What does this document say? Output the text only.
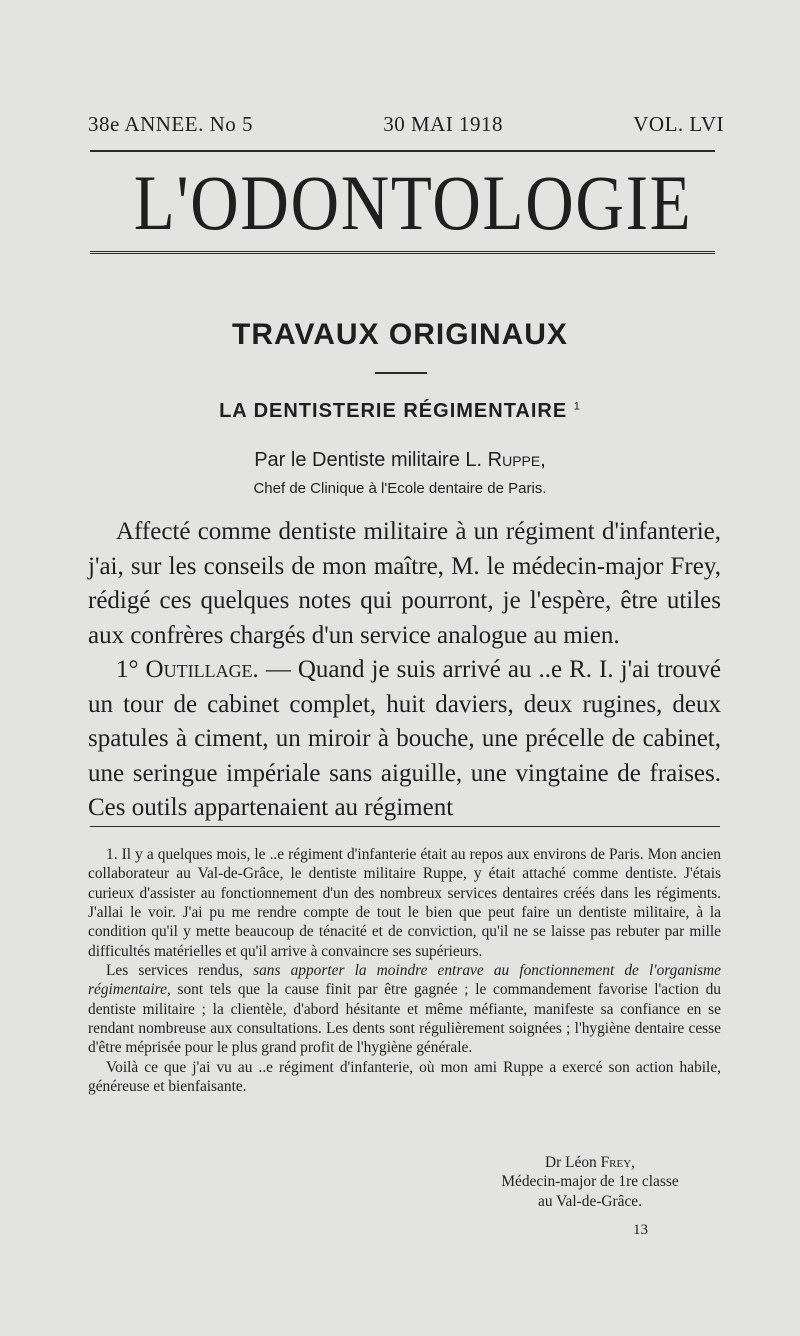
38e ANNEE. No 5	30 MAI 1918	VOL. LVI
L'ODONTOLOGIE
TRAVAUX ORIGINAUX
LA DENTISTERIE RÉGIMENTAIRE $^1$
Par le Dentiste militaire L. Ruppe,
Chef de Clinique à l'Ecole dentaire de Paris.

Affecté comme dentiste militaire à un régiment d'infanterie, j'ai, sur les conseils de mon maître, M. le médecin-major Frey, rédigé ces quelques notes qui pourront, je l'espère, être utiles aux confrères chargés d'un service analogue au mien.

1° Outillage. — Quand je suis arrivé au ..e R. I. j'ai trouvé un tour de cabinet complet, huit daviers, deux rugines, deux spatules à ciment, un miroir à bouche, une précelle de cabinet, une seringue impériale sans aiguille, une vingtaine de fraises. Ces outils appartenaient au régiment

1. Il y a quelques mois, le ..e régiment d'infanterie était au repos aux environs de Paris. Mon ancien collaborateur au Val-de-Grâce, le dentiste militaire Ruppe, y était attaché comme dentiste. J'étais curieux d'assister au fonctionnement d'un des nombreux services dentaires créés dans les régiments. J'allai le voir. J'ai pu me rendre compte de tout le bien que peut faire un dentiste militaire, à la condition qu'il y mette beaucoup de ténacité et de conviction, qu'il ne se laisse pas rebuter par mille difficultés matérielles et qu'il arrive à convaincre ses supérieurs.

Les services rendus, sans apporter la moindre entrave au fonctionnement de l'organisme régimentaire, sont tels que la cause finit par être gagnée ; le commandement favorise l'action du dentiste militaire ; la clientèle, d'abord hésitante et même méfiante, manifeste sa confiance en se rendant nombreuse aux consultations. Les dents sont régulièrement soignées ; l'hygiène dentaire cesse d'être méprisée pour le plus grand profit de l'hygiène générale.

Voilà ce que j'ai vu au ..e régiment d'infanterie, où mon ami Ruppe a exercé son action habile, généreuse et bienfaisante.

Dr Léon Frey,
Médecin-major de 1re classe
au Val-de-Grâce.
13
